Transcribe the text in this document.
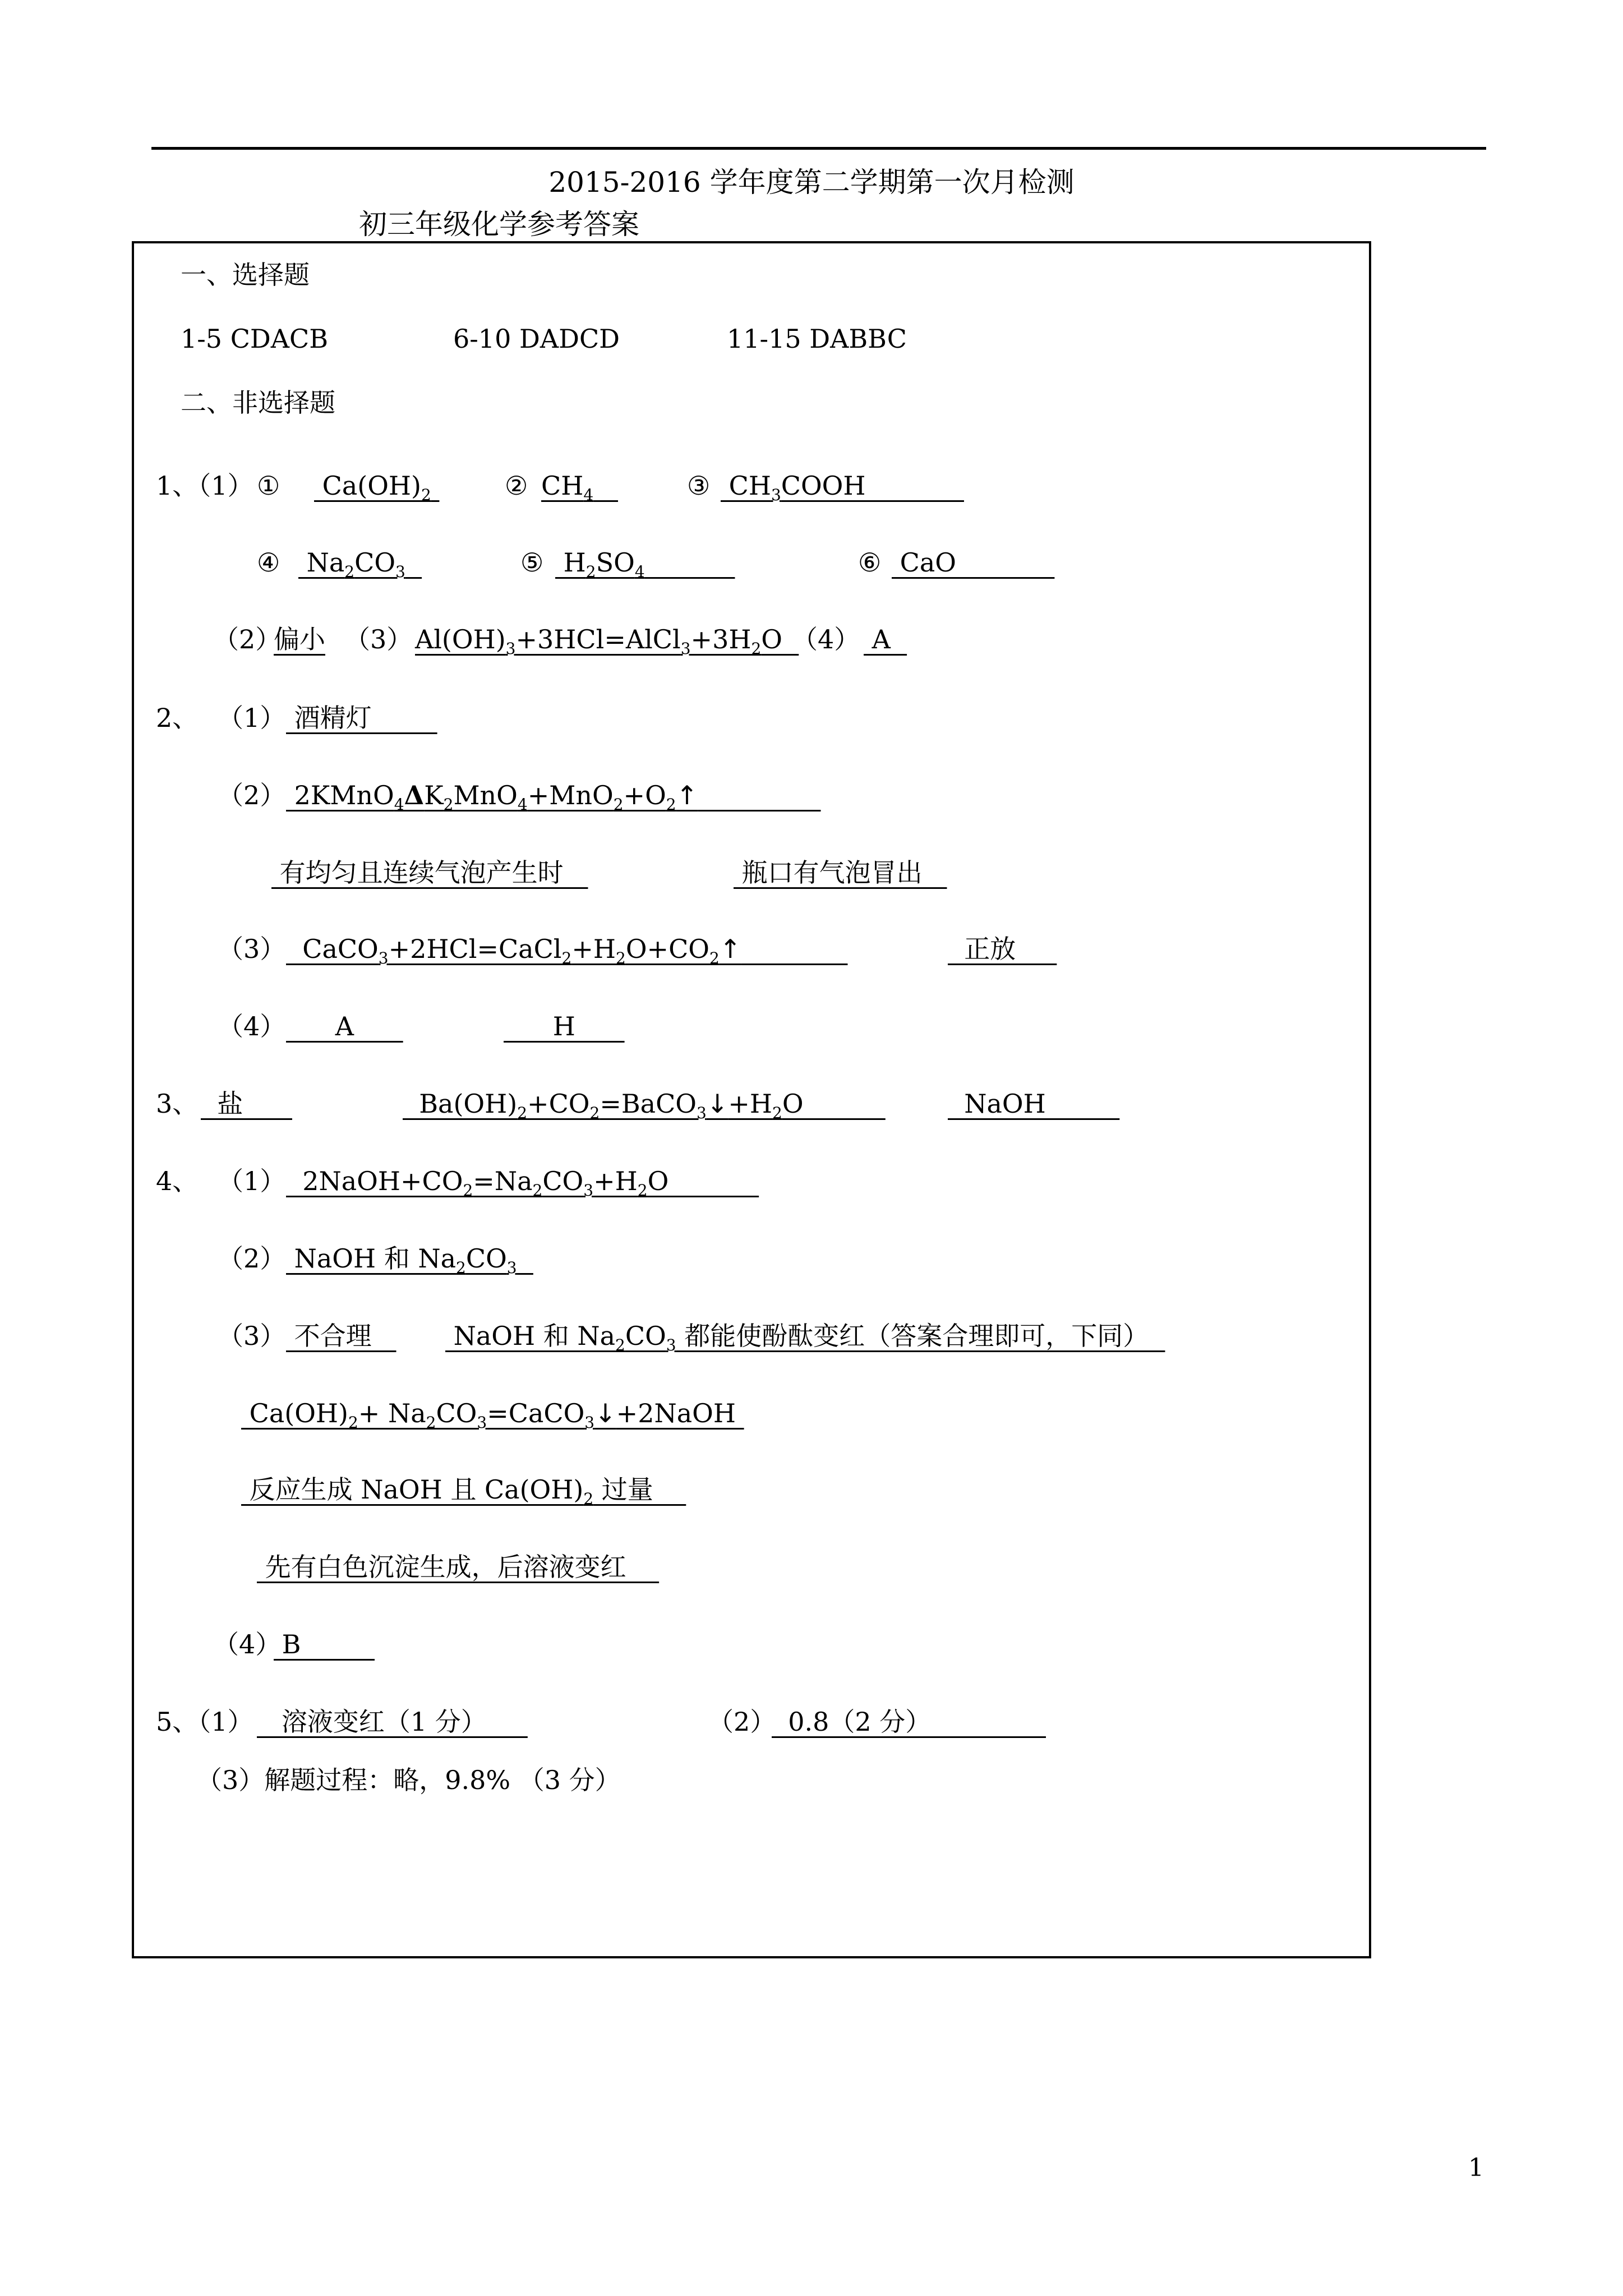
2015-2016 学年度第二学期第一次月检测
初三年级化学参考答案
一、选择题
1-5 CDACB	6-10 DADCD	11-15 DABBC
二、非选择题
1、（1） ① $Ca(OH)_2$	② $CH_4$	③ $CH_3COOH$
④ $Na_2CO_3$	⑤ $H_2SO_4$	⑥ CaO
（2）
偏小 （3） $Al(OH)_3+3HCl=AlCl_3+3H_2O$
（4） A
2、 （1） 酒精灯
（2） $2KMnO_4\Delta K_2MnO_4+MnO_2+O_2↑$
有均匀且连续气泡产生时	瓶口有气泡冒出
（3） $CaCO_3+2HCl=CaCl_2+H_2O+CO_2↑$	正放
（4） A	H
3、 盐	$Ba(OH)_2+CO_2=BaCO_3↓+H_2O$	NaOH
4、 （1） $2NaOH+CO_2=Na_2CO_3+H_2O$
（2） NaOH 和 $Na_2CO_3$
（3） 不合理	NaOH 和 $Na_2CO_3$ 都能使酚酞变红（答案合理即可，下同）
$Ca(OH)_2+$ $Na_2CO_3=CaCO_3↓+2NaOH$
反应生成 NaOH 且 $Ca(OH)_2$ 过量
先有白色沉淀生成，后溶液变红
（4）
B
5、（1） 溶液变红（1 分）	（2）
0.8（2 分）
（3）解题过程：略，9.8% （3 分）
1
